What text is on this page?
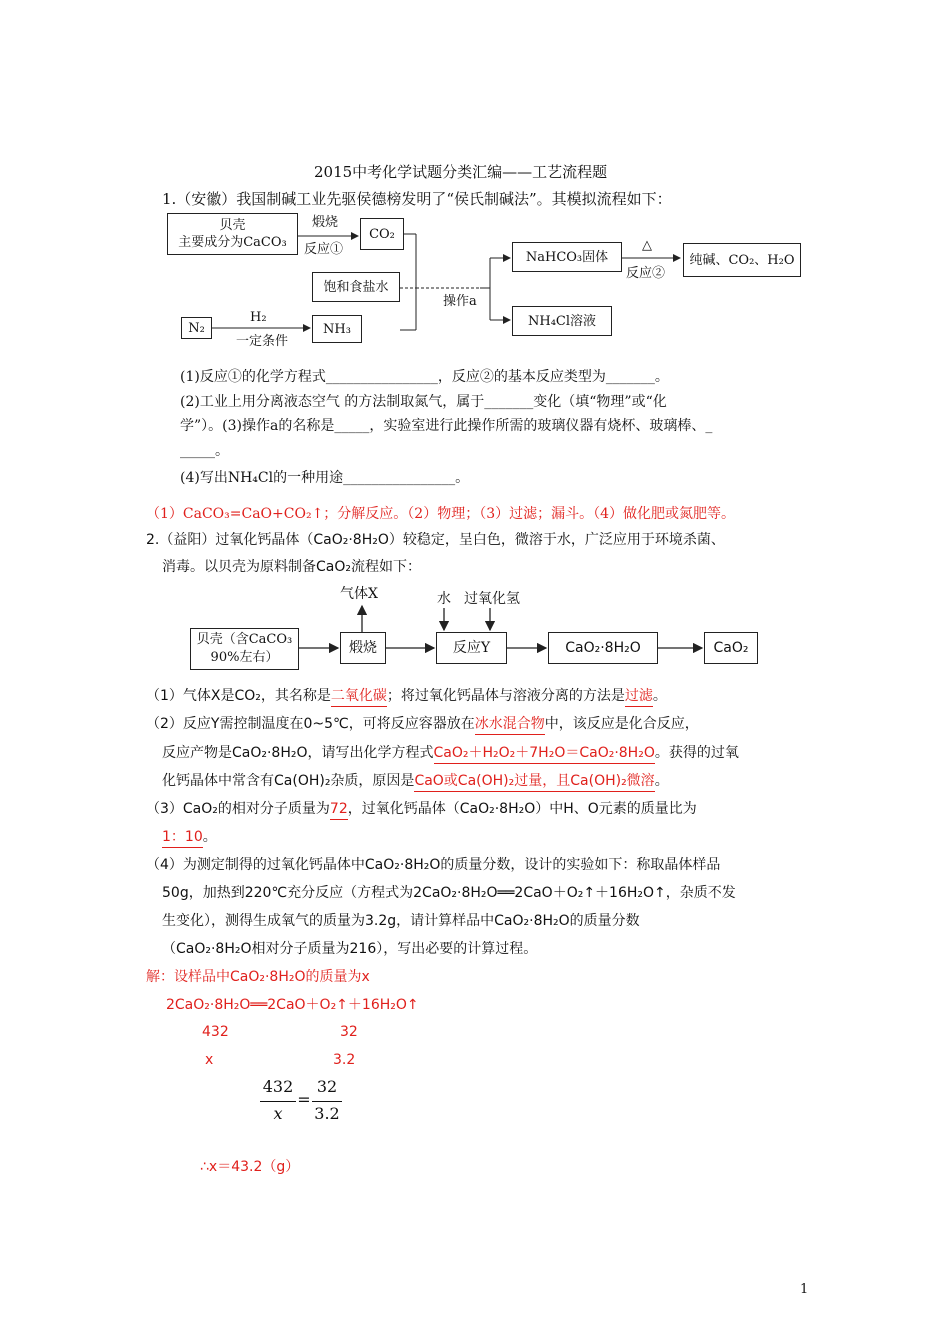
2015中考化学试题分类汇编——工艺流程题
1.（安徽）我国制碱工业先驱侯德榜发明了“侯氏制碱法”。其模拟流程如下：
贝壳
主要成分为CaCO₃
煅烧
反应①
CO₂
饱和食盐水
N₂
H₂
一定条件
NH₃
操作a
NaHCO₃固体
△
反应②
纯碱、CO₂、H₂O
NH₄Cl溶液
(1)反应①的化学方程式________________，反应②的基本反应类型为_______。
(2)工业上用分离液态空气 的方法制取氮气，属于_______变化（填“物理”或“化
学”）。(3)操作a的名称是_____，实验室进行此操作所需的玻璃仪器有烧杯、玻璃棒、_
_____。
(4)写出NH₄Cl的一种用途________________。
（1）CaCO₃=CaO+CO₂↑；分解反应。（2）物理；（3）过滤；漏斗。（4）做化肥或氮肥等。
2.（益阳）过氧化钙晶体（CaO₂·8H₂O）较稳定，呈白色，微溶于水，广泛应用于环境杀菌、
消毒。以贝壳为原料制备CaO₂流程如下：
气体X	水 过氧化氢
贝壳（含CaCO₃
90%左右）
煅烧	反应Y	CaO₂·8H₂O	CaO₂
（1）气体X是CO₂，其名称是二氧化碳；将过氧化钙晶体与溶液分离的方法是过滤。
（2）反应Y需控制温度在0~5℃，可将反应容器放在冰水混合物中，该反应是化合反应，
反应产物是CaO₂·8H₂O，请写出化学方程式CaO₂＋H₂O₂＋7H₂O＝CaO₂·8H₂O。获得的过氧
化钙晶体中常含有Ca(OH)₂杂质，原因是CaO或Ca(OH)₂过量，且Ca(OH)₂微溶。
（3）CaO₂的相对分子质量为72，过氧化钙晶体（CaO₂·8H₂O）中H、O元素的质量比为
1：10。
（4）为测定制得的过氧化钙晶体中CaO₂·8H₂O的质量分数，设计的实验如下：称取晶体样品
50g，加热到220℃充分反应（方程式为2CaO₂·8H₂O══2CaO＋O₂↑＋16H₂O↑，杂质不发
生变化），测得生成氧气的质量为3.2g，请计算样品中CaO₂·8H₂O的质量分数
（CaO₂·8H₂O相对分子质量为216），写出必要的计算过程。
解：设样品中CaO₂·8H₂O的质量为x
2CaO₂·8H₂O══2CaO＋O₂↑＋16H₂O↑
432	32
x	3.2
432
x
=
32
3.2
∴x＝43.2（g）
1
